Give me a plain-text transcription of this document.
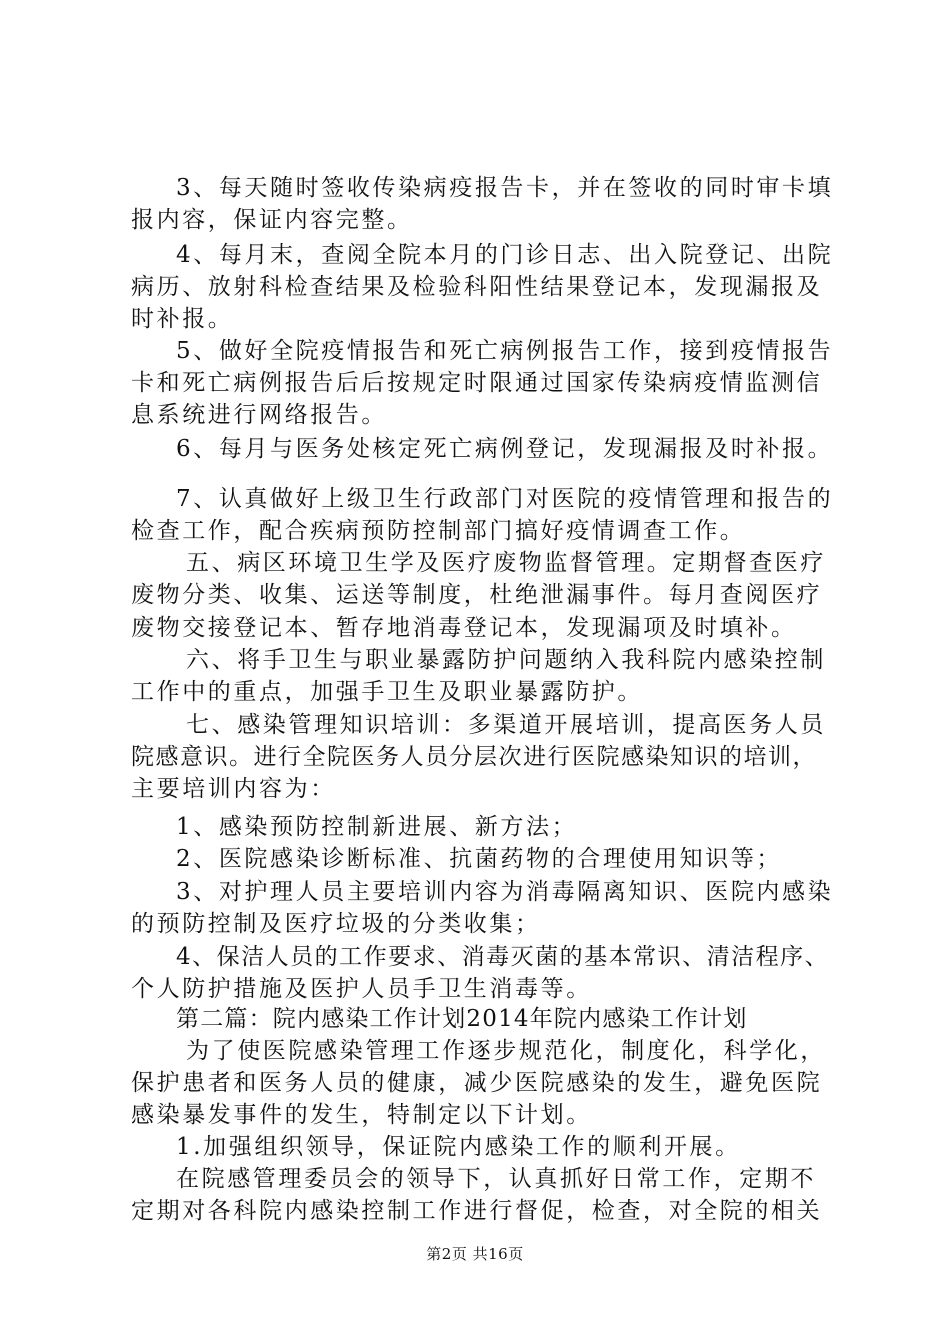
3、每天随时签收传染病疫报告卡，并在签收的同时审卡填
报内容，保证内容完整。
4、每月末，查阅全院本月的门诊日志、出入院登记、出院
病历、放射科检查结果及检验科阳性结果登记本，发现漏报及
时补报。
5、做好全院疫情报告和死亡病例报告工作，接到疫情报告
卡和死亡病例报告后后按规定时限通过国家传染病疫情监测信
息系统进行网络报告。
6、每月与医务处核定死亡病例登记，发现漏报及时补报。
7、认真做好上级卫生行政部门对医院的疫情管理和报告的
检查工作，配合疾病预防控制部门搞好疫情调查工作。
五、病区环境卫生学及医疗废物监督管理。定期督查医疗
废物分类、收集、运送等制度，杜绝泄漏事件。每月查阅医疗
废物交接登记本、暂存地消毒登记本，发现漏项及时填补。
六、将手卫生与职业暴露防护问题纳入我科院内感染控制
工作中的重点，加强手卫生及职业暴露防护。
七、感染管理知识培训：多渠道开展培训，提高医务人员
院感意识。进行全院医务人员分层次进行医院感染知识的培训，
主要培训内容为：
1、感染预防控制新进展、新方法；
2、医院感染诊断标准、抗菌药物的合理使用知识等；
3、对护理人员主要培训内容为消毒隔离知识、医院内感染
的预防控制及医疗垃圾的分类收集；
4、保洁人员的工作要求、消毒灭菌的基本常识、清洁程序、
个人防护措施及医护人员手卫生消毒等。
第二篇：院内感染工作计划2014年院内感染工作计划
为了使医院感染管理工作逐步规范化，制度化，科学化，
保护患者和医务人员的健康，减少医院感染的发生，避免医院
感染暴发事件的发生，特制定以下计划。
1.加强组织领导，保证院内感染工作的顺利开展。
在院感管理委员会的领导下，认真抓好日常工作，定期不
定期对各科院内感染控制工作进行督促，检查，对全院的相关
第2页 共16页
